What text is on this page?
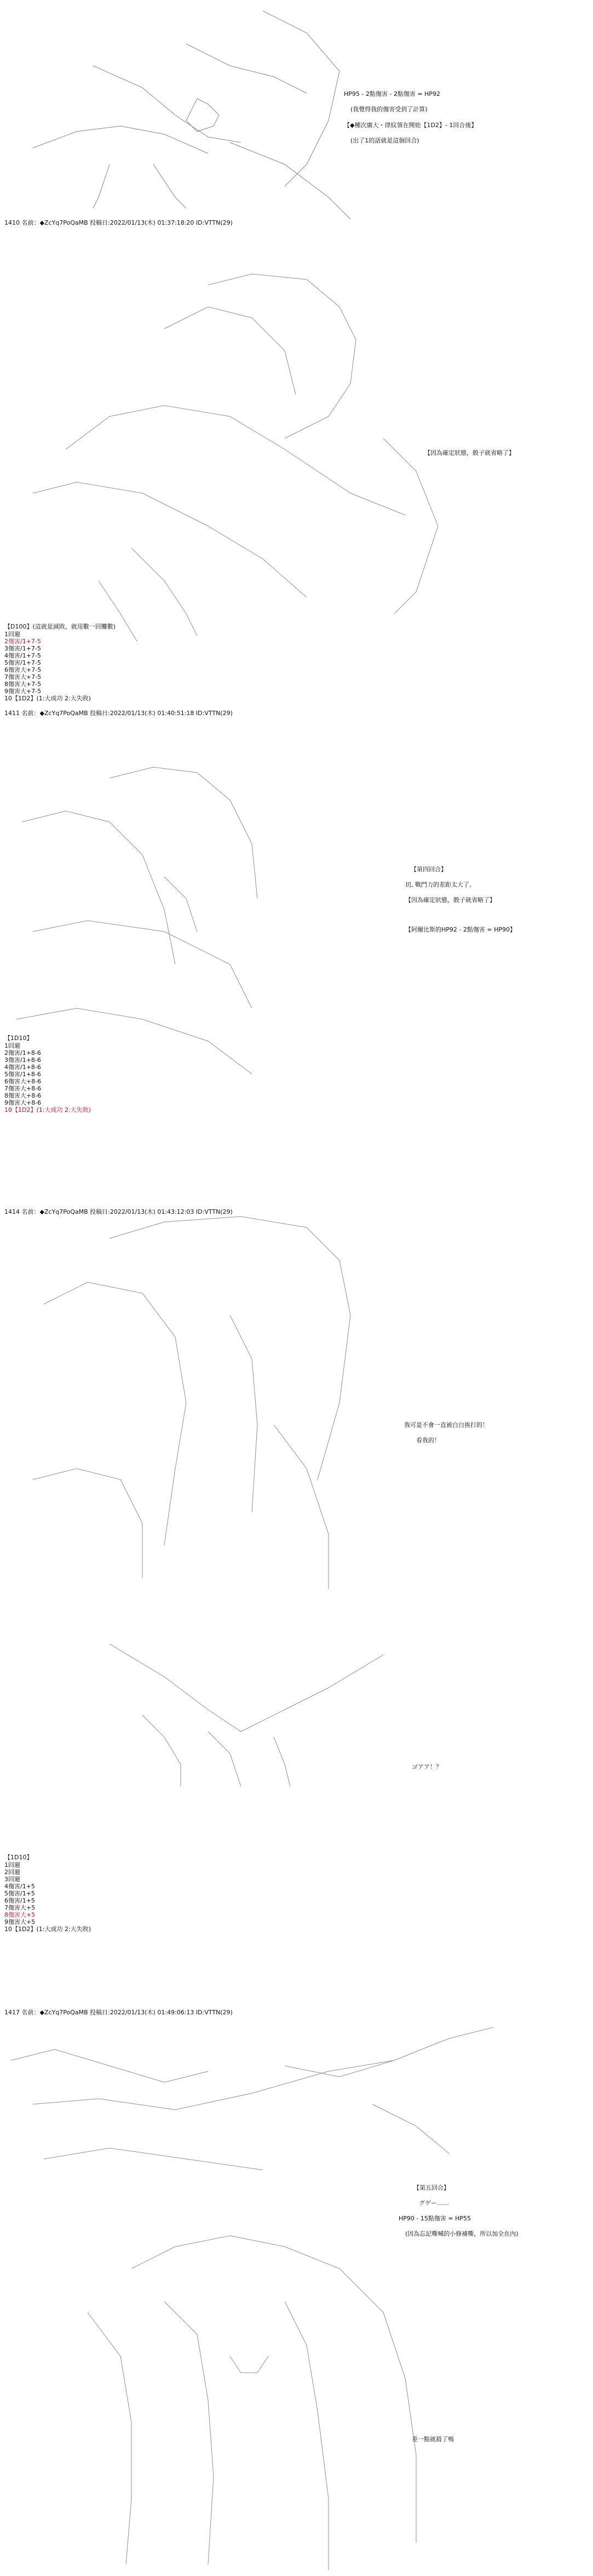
HP95 - 2點傷害 - 2點傷害 = HP92
(我覺得我的傷害受到了計算)
【◆種次廣大・律紋領在開始【1D2】- 1回合後】
(出了1的話就是這個回合)
1410 名前：◆ZcYq7PoQaMB 投稿日:2022/01/13(木) 01:37:18:20 ID:VTTN(29)
【因為確定狀態，骰子就省略了】
【D100】(這就是減敗，就用數一回攤數)
1回避
2傷害/1+7-5
3傷害/1+7-5
4傷害/1+7-5
5傷害/1+7-5
6傷害大+7-5
7傷害大+7-5
8傷害大+7-5
9傷害大+7-5
10【1D2】(1:大成功 2:大失敗)
1411 名前：◆ZcYq7PoQaMB 投稿日:2022/01/13(木) 01:40:51:18 ID:VTTN(29)
【第四回合】
切, 戰鬥力的差距太大了。
【因為確定狀態，骰子就省略了】
【阿爾比斯的HP92 - 2點傷害 = HP90】
【1D10】
1回避
2傷害/1+8-6
3傷害/1+8-6
4傷害/1+8-6
5傷害/1+8-6
6傷害大+8-6
7傷害大+8-6
8傷害大+8-6
9傷害大+8-6
10【1D2】(1:大成功 2:大失敗)
1414 名前：◆ZcYq7PoQaMB 投稿日:2022/01/13(木) 01:43:12:03 ID:VTTN(29)
我可是不會一直被白白挨打的！
看我的！
ゴアア！？
【1D10】
1回避
2回避
3回避
4傷害/1+5
5傷害/1+5
6傷害/1+5
7傷害大+5
8傷害大+5
9傷害大+5
10【1D2】(1:大成功 2:大失敗)
1417 名前：◆ZcYq7PoQaMB 投稿日:2022/01/13(木) 01:49:06:13 ID:VTTN(29)
【第五回合】
グゲー……
HP90 - 15點傷害 = HP55
(因為忘記嘶喊的小修補嘶，所以加全在內)
差一點就殺了嗎
